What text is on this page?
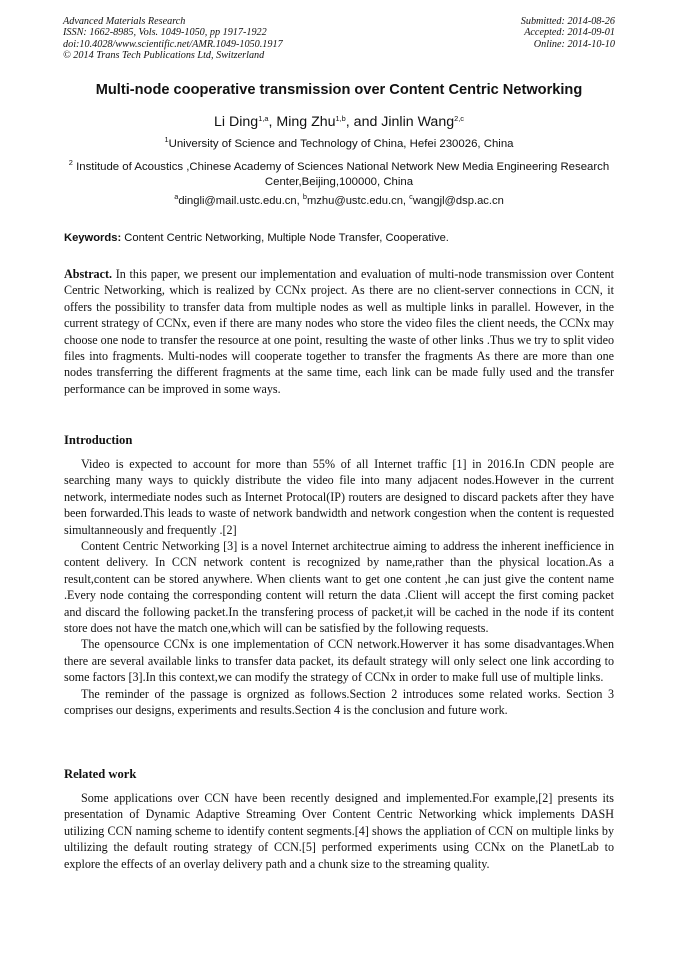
Advanced Materials Research
ISSN: 1662-8985, Vols. 1049-1050, pp 1917-1922
doi:10.4028/www.scientific.net/AMR.1049-1050.1917
© 2014 Trans Tech Publications Ltd, Switzerland
Submitted: 2014-08-26
Accepted: 2014-09-01
Online: 2014-10-10
Multi-node cooperative transmission over Content Centric Networking
Li Ding$^{1,a}$, Ming Zhu$^{1,b}$, and Jinlin Wang$^{2,c}$
$^1$University of Science and Technology of China, Hefei 230026, China
$^2$ Institude of Acoustics ,Chinese Academy of Sciences National Network New Media Engineering Research Center,Beijing,100000, China
$^a$dingli@mail.ustc.edu.cn, $^b$mzhu@ustc.edu.cn, $^c$wangjl@dsp.ac.cn
Keywords: Content Centric Networking, Multiple Node Transfer, Cooperative.
Abstract. In this paper, we present our implementation and evaluation of multi-node transmission over Content Centric Networking, which is realized by CCNx project. As there are no client-server connections in CCN, it offers the possibility to transfer data from multiple nodes as well as multiple links in parallel. However, in the current strategy of CCNx, even if there are many nodes who store the video files the client needs, the CCNx may choose one node to transfer the resource at one point, resulting the waste of other links .Thus we try to split video files into fragments. Multi-nodes will cooperate together to transfer the fragments As there are more than one nodes transferring the different fragments at the same time, each link can be made fully used and the transfer performance can be improved in some ways.
Introduction

Video is expected to account for more than 55% of all Internet traffic [1] in 2016.In CDN people are searching many ways to quickly distribute the video file into many adjacent nodes.However in the current network, intermediate nodes such as Internet Protocal(IP) routers are designed to discard packets after they have been forwarded.This leads to waste of network bandwidth and network congestion when the content is requested simultanneously and frequently .[2]

Content Centric Networking [3] is a novel Internet architectrue aiming to address the inherent inefficience in content delivery. In CCN network content is recognized by name,rather than the physical location.As a result,content can be stored anywhere. When clients want to get one content ,he can just give the content name .Every node containg the corresponding content will return the data .Client will accept the first coming packet and discard the following packet.In the transfering process of packet,it will be cached in the node if its content store does not have the match one,which will can be satisfied by the following requests.

The opensource CCNx is one implementation of CCN network.Howerver it has some disadvantages.When there are several available links to transfer data packet, its default strategy will only select one link according to some factors [3].In this context,we can modify the strategy of CCNx in order to make full use of multiple links.

The reminder of the passage is orgnized as follows.Section 2 introduces some related works. Section 3 comprises our designs, experiments and results.Section 4 is the conclusion and future work.

Related work

Some applications over CCN have been recently designed and implemented.For example,[2] presents its presentation of Dynamic Adaptive Streaming Over Content Centric Networking whick implements DASH utilizing CCN naming scheme to identify content segments.[4] shows the appliation of CCN on multiple links by ultilizing the default routing strategy of CCN.[5] performed experiments using CCNx on the PlanetLab to explore the effects of an overlay delivery path and a chunk size to the streaming quality.
